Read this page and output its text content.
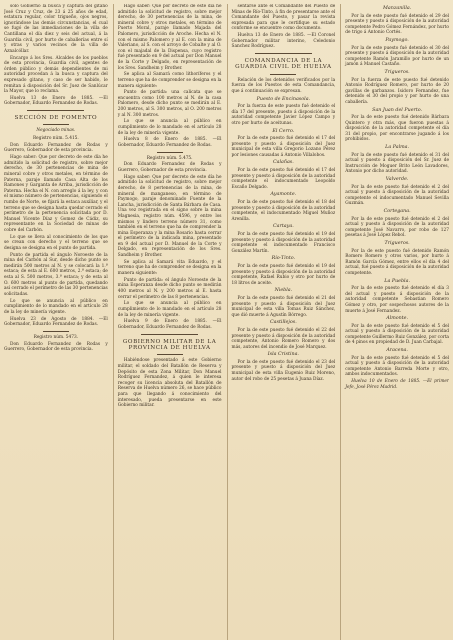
solo Gobierno la busca y captura del gitano José Cruz y Cruz, de 23 á 25 años de edad, estatura regular, color trigueño, ojos negros, ignorándose las demás circunstancias, el cual se fugó de las inmediaciones de la villa de Cantillana el día diez y seis del actual, á la Guardia civil, por hurto de caballerías entre sí y otras y varios vecinos de la villa de Aznalcóllar.

Encargo á los Sres. Alcaldes de los pueblos de esta provincia, Guardia civil, agentes de órden público y demás dependientes de mi autoridad procedan á la busca y captura del expresado gitano, y caso de ser habido, le remitan á disposición del Sr. Juez de Sanlúcar la Mayor, que lo reclama.

Huelva 13 de Enero de 1885. —El Gobernador, Eduardo Fernandez de Rodas.

SECCIÓN DE FOMENTO

Negociado minas.

Registro núm. 5.415.

Don Eduardo Fernandez de Rodas y Guerrero, Gobernador de esta provincia.

Hago saber: Que por decreto de este día he admitido la solicitud de registro, sobre mejor derecho, de 30 pertenencias de mina de mineral cobre y otros metales, en término de Paterna, paraje llamado Casa Alta de los Ramones y Garganta de Arriba, jurisdicción de Paterna. Hecha el N. con arreglo á la ley, y con el mismo número de pertenencias, siguiendo el rumbo de Norte, se fijará la estaca auxiliar, y el terreno que se designa hasta quedar cerrado el perímetro de la pertenencia solicitada por D. Manuel Vicente Díaz y Gomez de Cádiz, su representante en la Sociedad de minas de cobre del Carbón.

Lo que se lleva al conocimiento de los que se crean con derecho y el terreno que se designa se designa en el punto de partida.

Punto de partida el ángulo Noroeste de la mina del Carbón al Sur, desde dicho punto se medirán 500 metros al N. y se colocará la 1.ª estaca; de esta al E. 600 metros, 2.ª estaca; de esta al S. 500 metros, 3.ª estaca; y de esta al O. 600 metros al punto de partida, quedando así cerrado el perímetro de las 30 pertenencias solicitadas.

Lo que se anuncia al público en cumplimiento de lo mandado en el artículo 28 de la ley de minería vigente.

Huelva 23 de Agosto de 1884. —El Gobernador, Eduardo Fernandez de Rodas.

Registro núm. 5473.

Don Eduardo Fernandez de Rodas y Guerrero, Gobernador de esta provincia.

Hago saber: Que por decreto de este día he admitido la solicitud de registro, sobre mejor derecho, de 30 pertenencias de la mina, de mineral cobre y otros metales, en término de Puerto Moral, paraje llamado Majada del Palomero, jurisdicción de Aroche. Hecha el N. con el mismo Palomero y al E. con la mina de Valeriano, al S. con el arroyo de Cobalte y al O. con el majadal de la Dispensa, cuyo registro fué presentado en 9 del actual por Don Manuel de la Corte y Delgado, en representación de los Sres. Sandheim y Brother.

Se aplica al Samará como lithoríferos y el terreno que ha de comprender se designa en la manera siguiente:

Punto de partida: una calicata que se encuentra como 100 metros al N. de la casa Palomero, desde dicho punto se medirán al E. 200 metros, al S. 300 metros, al O. 200 metros y al N. 300 metros.

Lo que se anuncia al público en cumplimiento de lo mandado en el artículo 28 de la ley de minería vigente.

Huelva 8 de Enero de 1885. —El Gobernador, Eduardo Fernandez de Rodas.

Registro núm. 5.475.

Don Eduardo Fernandez de Rodas y Guerrero, Gobernador de esta provincia.

Hago saber: Que por decreto de este día he admitido la solicitud de registro, sobre mejor derecho, de 8 pertenencias de la mina, de mineral de manganeso, en término de Paymogo, paraje denominado Fuente de la Lancha, jurisdicción de Santa Bárbara de Casa. Una vez registrada en el signo sobre la mina Magnesia, registro núm. 4596, y entre los mismos y lindero terreno número 31, como también en el terreno que ha de comprender la mina Esperanza y la mina Rosario hasta cerrar el perímetro de la indicada mina, presentado en 9 del actual por D. Manuel de la Corte y Delgado, en representación de los Sres. Sandheim y Brother.

Se aplica al Samará vita Eduardo, y el terreno que ha de comprender se designa en la manera siguiente:

Punto de partida: el ángulo Noroeste de la mina Esperanza desde dicho punto se medirán 400 metros al N. y 200 metros al E. hasta cerrar el perímetro de las 8 pertenencias.

Lo que se anuncia al público en cumplimiento de lo mandado en el artículo 28 de la ley de minería vigente.

Huelva 9 de Enero de 1885. —El Gobernador, Eduardo Fernandez de Rodas.

GOBIERNO MILITAR DE LA PROVINCIA DE HUELVA

Habiéndose presentado á este Gobierno militar, el soldado del Batallón de Reserva y Depósito de esta Zona Militar, Don Manuel Rodríguez Fernandez, á quien le interesa recoger su licencia absoluta del Batallón de Reserva de Huelva número 26, se hace público para que llegando á conocimiento del interesado, pueda presentarse en este Gobierno militar.

sentarse ante el Comandante del Puesto de Minas de Río-Tinto, á fin de presentarse ante el Comandante del Puesto, y pasar la revista expresada para que le certifique su estado conforme se encuentre como documento.

Huelva 13 de Enero de 1885. —El Coronel Gobernador militar interino, Celedonio Sanchez Rodríguez.

COMANDANCIA DE LA GUARDIA CIVIL DE HUELVA

Relación de los detenidos verificados por la fuerza de los Puestos de esta Comandancia, que á continuación se expresan.

Puesto de Encinasola.

Por la fuerza de este puesto fué detenido el día 17 del presente, puesto á disposición de la autoridad competente Javier López Campo y otro por hurto de aceitunas.

El Cerro.

Por la de este puesto fué detenido el 17 del presente y puesto á disposición del Juez municipal de esta villa Gregorio Lozano Pérez por lesiones causadas á Antonio Villalobos.

Calañas.

Por la de este puesto fué detenido el 17 del presente y puesto á disposición de la autoridad competente el indocumentado Leopoldo Escaño Delgado.

Ayamonte.

Por la de este puesto fué detenido el 18 del presente y puesto á disposición de la autoridad competente, el indocumentado Miguel Muñoz Arenilla.

Cartaya.

Por la de este puesto fué detenido el 19 del presente y puesto á disposición de la autoridad competente el indocumentado Francisco González Martín.

Río-Tinto.

Por la de este puesto fué detenido el 19 del presente y puesto á disposición de la autoridad competente, Rafael Rubio y otro por hurto de 18 litros de aceite.

Niebla.

Por la de este puesto fué detenido el 21 del presente y puesto á disposición del Juez municipal de esta villa Tomas Ruiz Sánchez, que dió muerte á Agustín Bórrego.

Castillejos.

Por la de este puesto fué detenido el 22 del presente y puesto á disposición de la autoridad competente, Antonio Romero Romero y dos más, autores del incendio de José Marquez.

Isla Cristina.

Por la de este puesto fué detenido el 23 del presente y puesto á disposición del Juez municipal de esta villa Eugenio Ruiz Moreno, autor del robo de 25 pesetas á Juana Díaz.

Manzanilla.

Por la de este puesto fué detenido el 29 del presente y puesto á disposición de la autoridad competente Pedro Gómez Fernández, por hurto de trigo á Antonio Cortés.

Paymogo.

Por la de este puesto fué detenido el 30 del presente y puesto á disposición de la autoridad competente Ramón Jaramillo por hurto de un jamón á Manuel Castaño.

Trigueros.

Por la fuerza de este puesto fué detenido Antonio Rodríguez Romero, por hurto de 20 gavillas de garbanzos. Isidoro Fernandez, fue detenido el 30 del propio y por hurto de una caballería.

San Juan del Puerto.

Por la de este puesto fué detenido Bárbara Quintero y otra más, que fueron puestas á disposición de la autoridad competente el día 31 del propio, por encontrarse jugando á los prohibidos.

La Palma.

Por la de este puesto fué detenido el 31 del actual y puesto á disposición del Sr. Juez de Instrucción de Moguer Brito León Lavadores, Antonio por dicho autoridad.

Valverde.

Por la de este puesto fué detenido el 2 del actual y puesto á disposición de la autoridad competente el indocumentado Manuel Sevilla Guzmán.

Cortegana.

Por la de este puesto fué detenido el 2 del actual y puesto á disposición de la autoridad competente José Navarro, por robo de 127 pesetas á José López Rebol.

Trigueros.

Por la de este puesto fué detenido Ramón Romero Romero y otros varios, por hurto á Ramón García Gómez, entre ellos el día 4 del actual, fué puesto á disposición de la autoridad competente.

La Puebla.

Por la de este puesto fué detenido el día 3 del actual y puesto á disposición de la autoridad competente Sebastian Romero Gómez y otro, por sospechosos autores de la muerte á José Fernandez.

Almonte.

Por la de este puesto fué detenido el 5 del actual y puesto á disposición de la autoridad competente Guillermo Ruiz González, por corta de 4 pinos en propiedad de D. Juan Carbajal.

Aracena.

Por la de este puesto fué detenido el 5 del actual y puesto á disposición de la autoridad competente Antonio Barreda Morte y otro, ambos indocumentados.

Huelva 10 de Enero de 1885. —El primer Jefe, José Pérez Madrid.
